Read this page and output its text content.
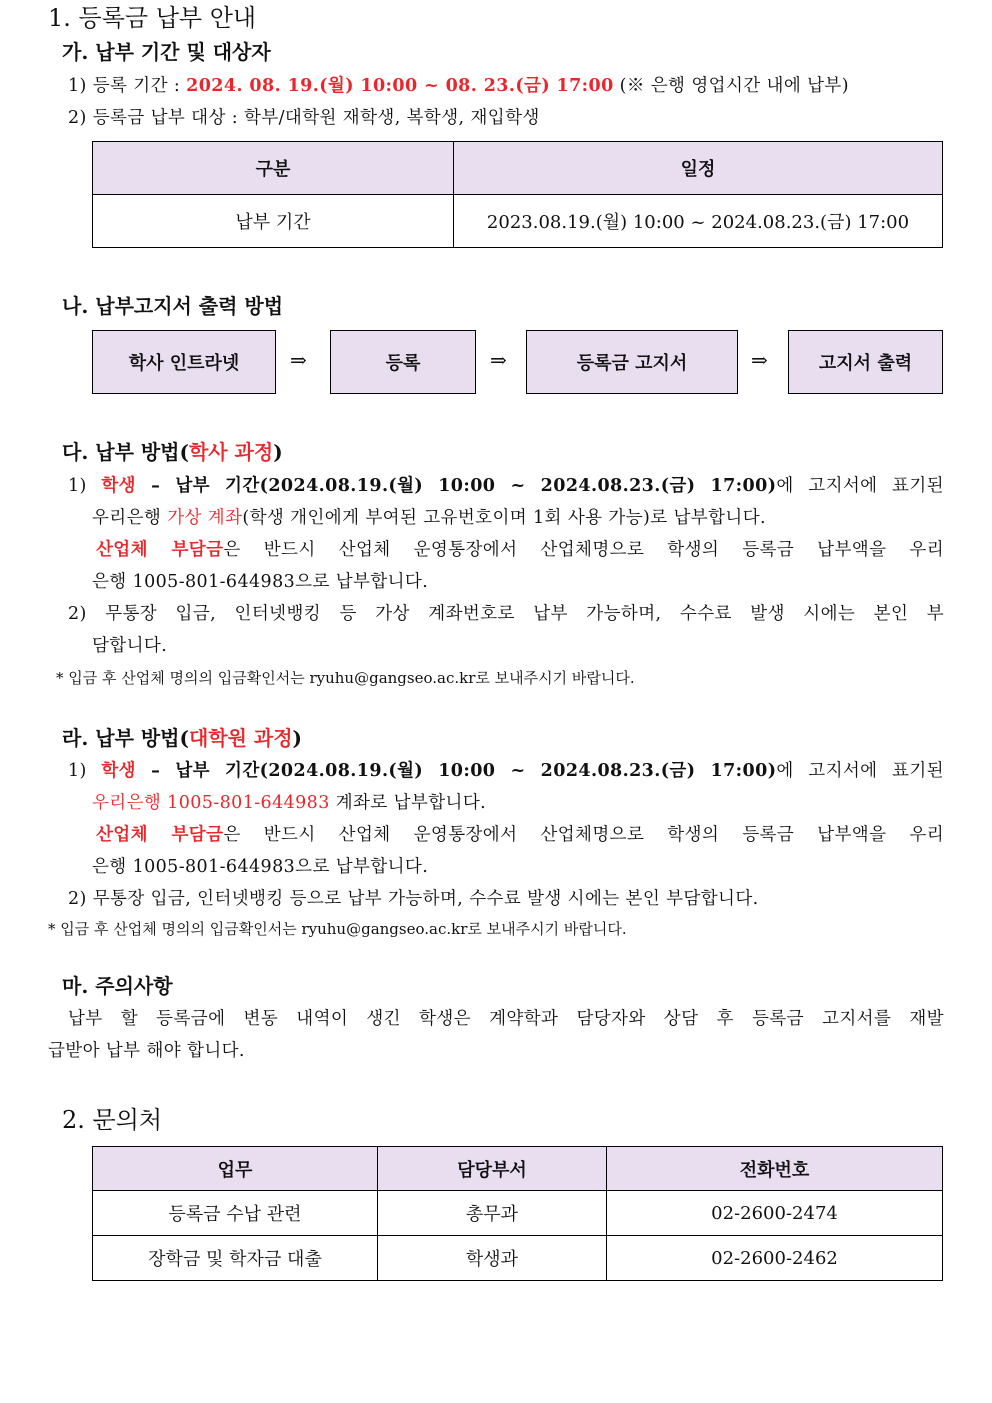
1. 등록금 납부 안내
가. 납부 기간 및 대상자
1) 등록 기간 : 2024. 08. 19.(월) 10:00 ~ 08. 23.(금) 17:00 (※ 은행 영업시간 내에 납부)
2) 등록금 납부 대상 : 학부/대학원 재학생, 복학생, 재입학생
구분	일정
납부 기간	2023.08.19.(월) 10:00 ~ 2024.08.23.(금) 17:00
나. 납부고지서 출력 방법
학사 인트라넷	⇒	등록	⇒	등록금 고지서	⇒	고지서 출력
다. 납부 방법(학사 과정)
1) 학생 – 납부 기간(2024.08.19.(월) 10:00 ~ 2024.08.23.(금) 17:00)에 고지서에 표기된
우리은행 가상 계좌(학생 개인에게 부여된 고유번호이며 1회 사용 가능)로 납부합니다.
산업체 부담금은 반드시 산업체 운영통장에서 산업체명으로 학생의 등록금 납부액을 우리
은행 1005-801-644983으로 납부합니다.
2) 무통장 입금, 인터넷뱅킹 등 가상 계좌번호로 납부 가능하며, 수수료 발생 시에는 본인 부
담합니다.
* 입금 후 산업체 명의의 입금확인서는 ryuhu@gangseo.ac.kr로 보내주시기 바랍니다.
라. 납부 방법(대학원 과정)
1) 학생 – 납부 기간(2024.08.19.(월) 10:00 ~ 2024.08.23.(금) 17:00)에 고지서에 표기된
우리은행 1005-801-644983 계좌로 납부합니다.
산업체 부담금은 반드시 산업체 운영통장에서 산업체명으로 학생의 등록금 납부액을 우리
은행 1005-801-644983으로 납부합니다.
2) 무통장 입금, 인터넷뱅킹 등으로 납부 가능하며, 수수료 발생 시에는 본인 부담합니다.
* 입금 후 산업체 명의의 입금확인서는 ryuhu@gangseo.ac.kr로 보내주시기 바랍니다.
마. 주의사항
납부 할 등록금에 변동 내역이 생긴 학생은 계약학과 담당자와 상담 후 등록금 고지서를 재발
급받아 납부 해야 합니다.
2. 문의처
업무	담당부서	전화번호
등록금 수납 관련	총무과	02-2600-2474
장학금 및 학자금 대출	학생과	02-2600-2462
